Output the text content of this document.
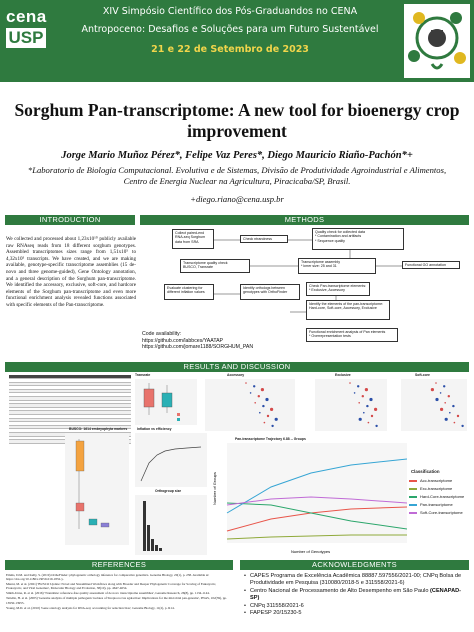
cena
USP
XIV Simpósio Científico dos Pós-Graduandos no CENA
Antropoceno: Desafios e Soluções para um Futuro Sustentável
21 e 22 de Setembro de 2023
Sorghum Pan-transcriptome: A new tool for bioenergy crop improvement
Jorge Mario Muñoz Pérez*, Felipe Vaz Peres*, Diego Mauricio Riaño-Pachón*+
*Laboratorio de Biologia Computacional. Evolutiva e de Sistemas, Divisão de Produtividade Agroindustrial e Alimentos, Centro de Energia Nuclear na Agricultura, Piracicaba/SP, Brasil.
+diego.riano@cena.usp.br
INTRODUCTION	METHODS
RESULTS AND DISCUSSION
REFERENCES	ACKNOWLEDGMENTS
We collected and processed about 1,23x10¹⁰ publicly available raw RNAseq reads from 18 different sorghum genotypes. Assembled transcriptomes sizes range from 1,51x10⁵ to 4,32x10⁵ transcripts. We have created, and we are making available, genotype-specific transcriptome assemblies (15 de-novo and three genome-guided), Gene Ontology annotation, and a general description of the Sorghum pan-transcriptome. We identified the accessory, exclusive, soft-core, and hardcore elements of the Sorghum pan-transcriptome and even more functional enrichment analysis revealed functions associated with specific elements of the Pan-transcriptome.
Collect paired-end RNA-seq Sorghum data from SRA
Check ntrandness
Quality check for collected data
* Contamination and artifacts
* Sequence quality
Transcriptome quality check
BUSCO, Transrate
Transcriptome assembly
* kmer size: 25 and 31	Functional GO annotation
Evaluate clustering for different inflation values
Identify orthologs between genotypes with OrthoFinder
Check Pan-transcriptome elements:
* Exclusive, Accessory
Identify the elements of the pan-transcriptome: Hard-core, Soft-core, Accessory, Exclusive
Functional enrichment analysis of Pan elements
* Overrepresentation tests
Code availability:
https://github.com/labbces/YAATAP
https://github.com/jomare1188/SORGHUM_PAN

Transrate
BUSCO: 1614 embryophyta markers	Inflation vs efficiency
Orthogroup size
Accessory	Exclusive	Soft-core
Pan-transcriptome Trajectory 6.88 -- Groups
Number of Groups
Number of Genotypes
Classification
Acc-transcriptome
Exc-transcriptome
Hard-Core-transcriptome
Pan-transcriptome
Soft-Core-transcriptome
Emms, D.M. and Kelly, S. (2019) OrthoFinder: phylogenetic orthology inference for comparative genomics. Genome Biology, 20(1), p. 238. Available at: https://doi.org/10.1186/s13059-019-1832-y.
Manni, M. et al. (2021) 'BUSCO Update: Novel and Streamlined Workflows along with Broader and Deeper Phylogenetic Coverage for Scoring of Eukaryotic, Prokaryotic, and Viral Genomes', Molecular Biology and Evolution, 38(10), pp. 4647-4654.
Smith-Unna, R. et al. (2016) 'TransRate: reference-free quality assessment of de novo transcriptome assemblies', Genome Research, 26(8), pp. 1134-1144.
Tettelin, H. et al. (2005) 'Genome analysis of multiple pathogenic isolates of Streptococcus agalactiae: Implications for the microbial pan-genome', PNAS, 102(39), pp. 13950-13955.
Young, M.D. et al. (2010) 'Gene ontology analysis for RNA-seq: accounting for selection bias', Genome Biology, 11(2), p. R14.
• CAPES Programa de Excelência Acadêmica 88887.597556/2021-00; CNPq Bolsa de Produtividade em Pesquisa (310080/2018-5 e 311558/2021-6)
• Centro Nacional de Processamento de Alto Desempenho em São Paulo (CENAPAD-SP)
• CNPq 311558/2021-6
• FAPESP 20/15230-5
